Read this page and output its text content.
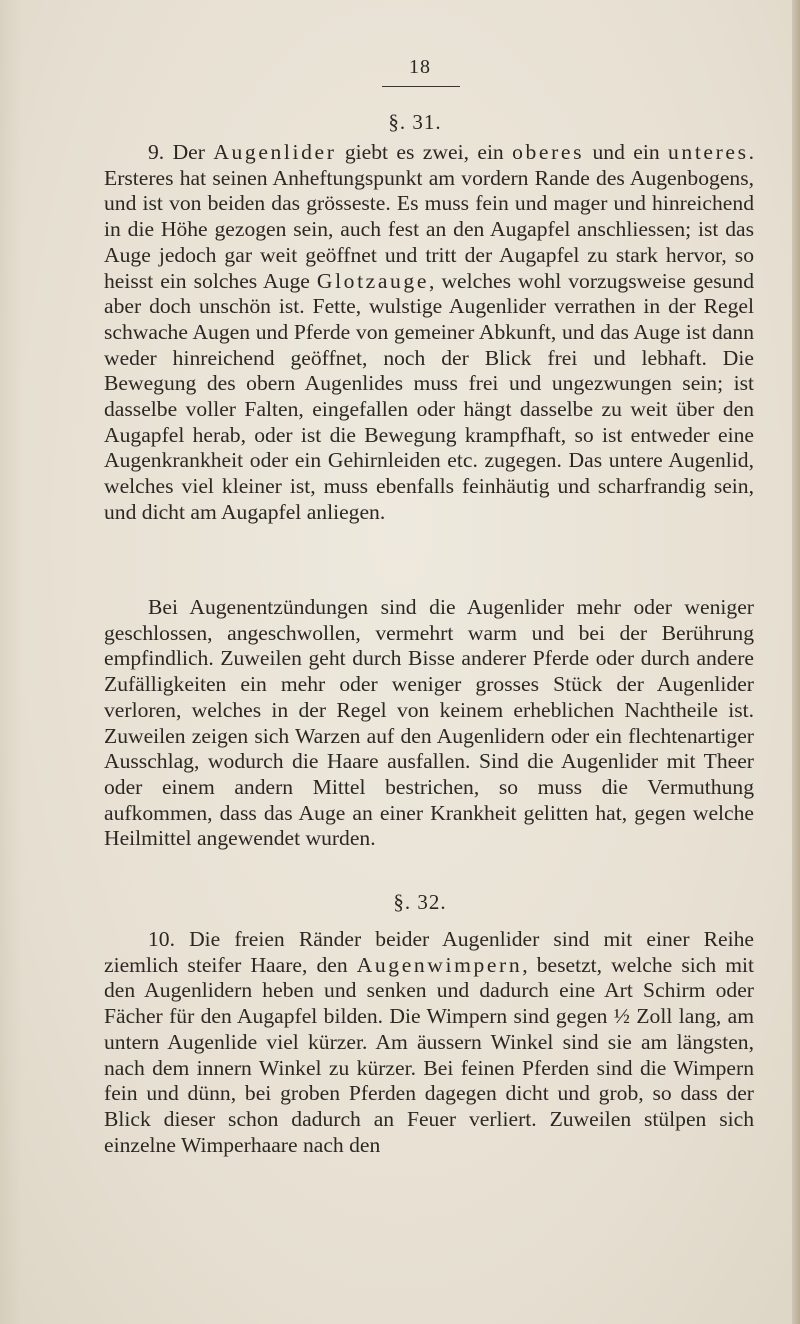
18
§. 31.

9. Der Augenlider giebt es zwei, ein oberes und ein unteres. Ersteres hat seinen Anheftungspunkt am vordern Rande des Augenbogens, und ist von beiden das grösseste. Es muss fein und mager und hinreichend in die Höhe gezogen sein, auch fest an den Augapfel anschliessen; ist das Auge jedoch gar weit geöffnet und tritt der Augapfel zu stark hervor, so heisst ein solches Auge Glotzauge, welches wohl vorzugsweise gesund aber doch unschön ist. Fette, wulstige Augenlider verrathen in der Regel schwache Augen und Pferde von gemeiner Abkunft, und das Auge ist dann weder hinreichend geöffnet, noch der Blick frei und lebhaft. Die Bewegung des obern Augenlides muss frei und ungezwungen sein; ist dasselbe voller Falten, eingefallen oder hängt dasselbe zu weit über den Augapfel herab, oder ist die Bewegung krampfhaft, so ist entweder eine Augenkrankheit oder ein Gehirnleiden etc. zugegen. Das untere Augenlid, welches viel kleiner ist, muss ebenfalls feinhäutig und scharfrandig sein, und dicht am Augapfel anliegen.

Bei Augenentzündungen sind die Augenlider mehr oder weniger geschlossen, angeschwollen, vermehrt warm und bei der Berührung empfindlich. Zuweilen geht durch Bisse anderer Pferde oder durch andere Zufälligkeiten ein mehr oder weniger grosses Stück der Augenlider verloren, welches in der Regel von keinem erheblichen Nachtheile ist. Zuweilen zeigen sich Warzen auf den Augenlidern oder ein flechtenartiger Ausschlag, wodurch die Haare ausfallen. Sind die Augenlider mit Theer oder einem andern Mittel bestrichen, so muss die Vermuthung aufkommen, dass das Auge an einer Krankheit gelitten hat, gegen welche Heilmittel angewendet wurden.

§. 32.

10. Die freien Ränder beider Augenlider sind mit einer Reihe ziemlich steifer Haare, den Augenwimpern, besetzt, welche sich mit den Augenlidern heben und senken und dadurch eine Art Schirm oder Fächer für den Augapfel bilden. Die Wimpern sind gegen ½ Zoll lang, am untern Augenlide viel kürzer. Am äussern Winkel sind sie am längsten, nach dem innern Winkel zu kürzer. Bei feinen Pferden sind die Wimpern fein und dünn, bei groben Pferden dagegen dicht und grob, so dass der Blick dieser schon dadurch an Feuer verliert. Zuweilen stülpen sich einzelne Wimperhaare nach den
